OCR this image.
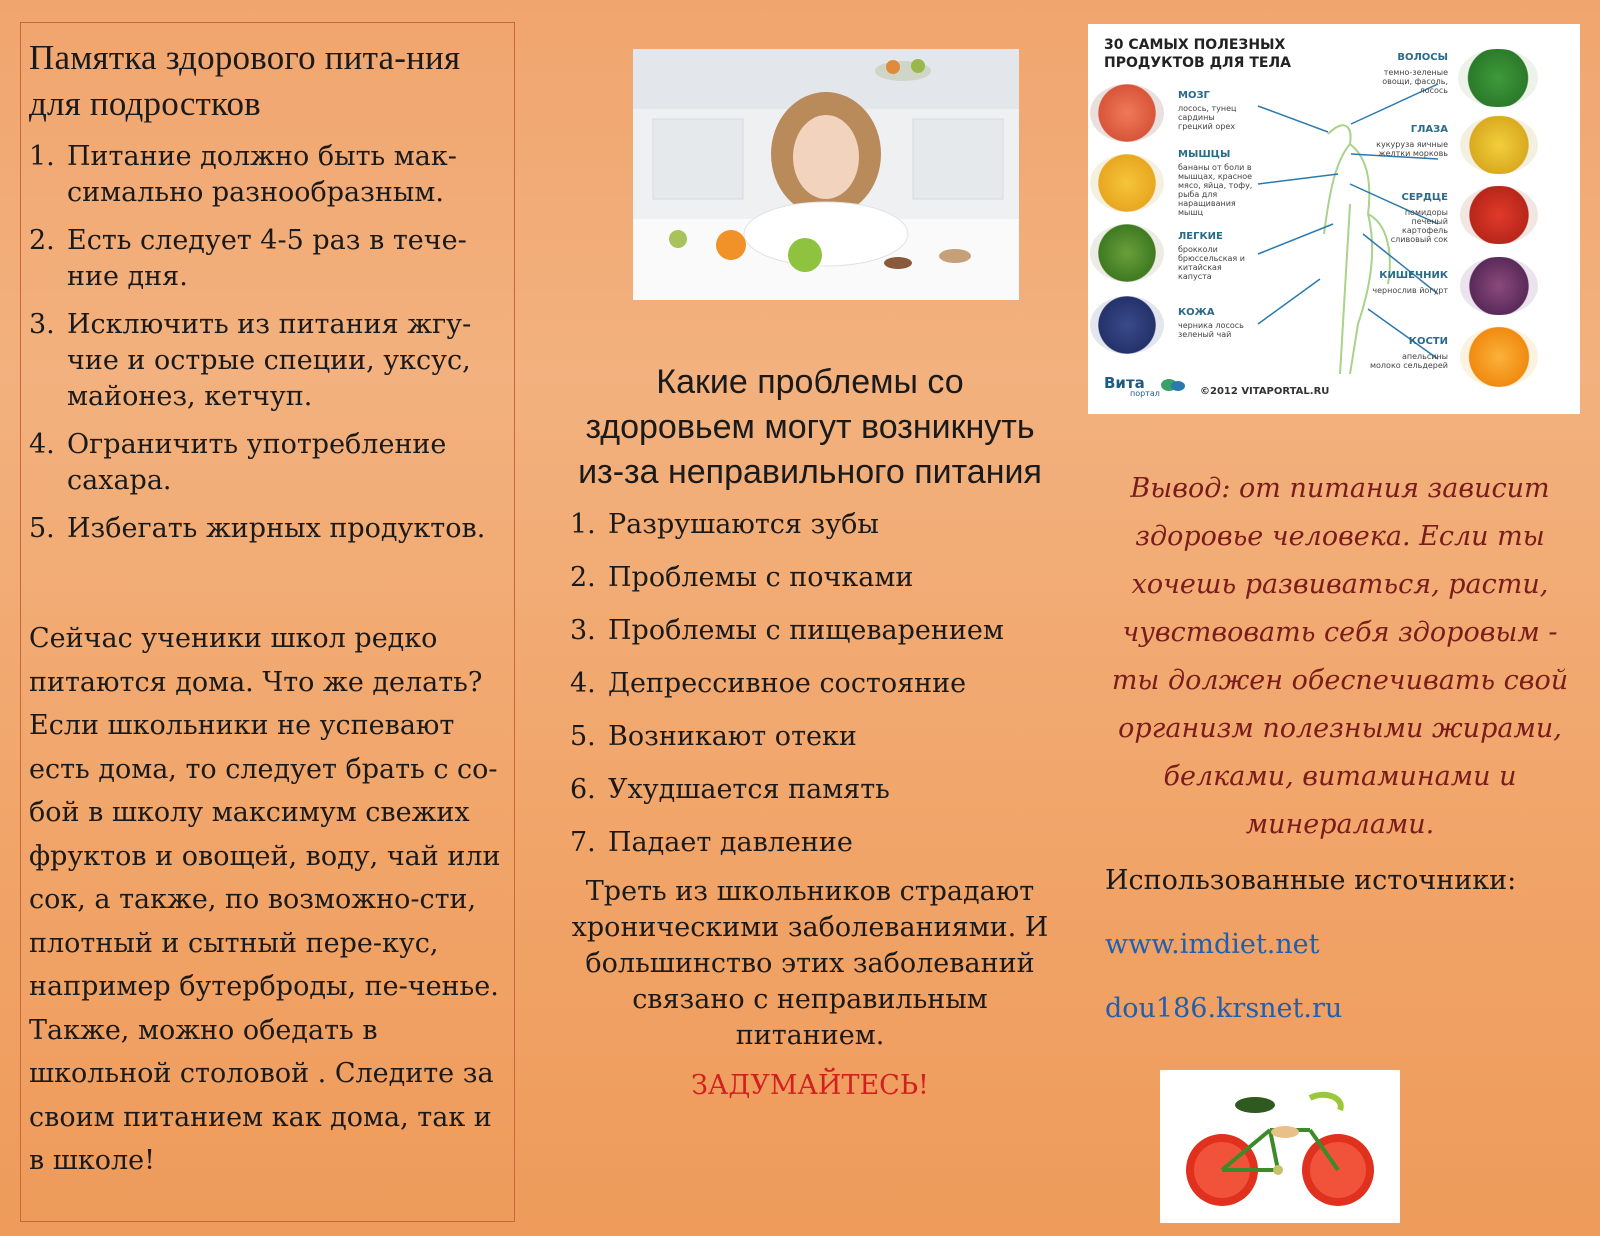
Памятка здорового пита-ния для подростков
1. Питание должно быть мак-симально разнообразным.
2. Есть следует 4-5 раз в тече-ние дня.
3. Исключить из питания жгу-чие и острые специи, уксус, майонез, кетчуп.
4. Ограничить употребление сахара.
5. Избегать жирных продуктов.

Сейчас ученики школ редко питаются дома. Что же делать? Если школьники не успевают есть дома, то следует брать с со-бой в школу максимум свежих фруктов и овощей, воду, чай или сок, а также, по возможно-сти, плотный и сытный пере-кус, например бутерброды, пе-ченье. Также, можно обедать в школьной столовой . Следите за своим питанием как дома, так и в школе!

Какие проблемы со здоровьем могут возникнуть из-за неправильного питания
1. Разрушаются зубы
2. Проблемы с почками
3. Проблемы с пищеварением
4. Депрессивное состояние
5. Возникают отеки
6. Ухудшается память
7. Падает давление

Треть из школьников страдают хроническими заболеваниями. И большинство этих заболеваний связано с неправильным питанием.

ЗАДУМАЙТЕСЬ!

30 САМЫХ ПОЛЕЗНЫХ
ПРОДУКТОВ ДЛЯ ТЕЛА
МОЗГ
лосось, тунец сардины грецкий орех
МЫШЦЫ
бананы от боли в мышцах, красное мясо, яйца, тофу, рыба для наращивания мышц
ЛЕГКИЕ
брокколи брюссельская и китайская капуста
КОЖА
черника лосось зеленый чай
ВОЛОСЫ
темно-зеленые овощи, фасоль, лосось
ГЛАЗА
кукуруза яичные желтки морковь
СЕРДЦЕ
помидоры печеный картофель сливовый сок
КИШЕЧНИК
чернослив йогурт
КОСТИ
апельсины молоко сельдерей
Вита
портал	©2012 VITAPORTAL.RU

Вывод: от питания зависит здоровье человека. Если ты хочешь развиваться, расти, чувствовать себя здоровым - ты должен обеспечивать свой организм полезными жирами, белками, витаминами и минералами.

Использованные источники:

www.imdiet.net
dou186.krsnet.ru
